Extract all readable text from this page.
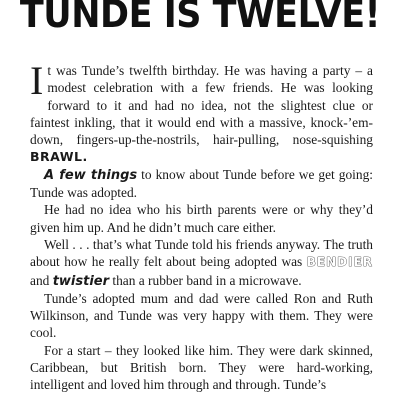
TUNDE IS TWELVE!

It was Tunde’s twelfth birthday. He was having a party – a modest celebration with a few friends. He was looking forward to it and had no idea, not the slightest clue or faintest inkling, that it would end with a massive, knock-’em-down, fingers-up-the-nostrils, hair-pulling, nose-squishing BRAWL.

A few things to know about Tunde before we get going: Tunde was adopted.

He had no idea who his birth parents were or why they’d given him up. And he didn’t much care either.

Well . . . that’s what Tunde told his friends anyway. The truth about how he really felt about being adopted was BENDIER and twistier than a rubber band in a microwave.

Tunde’s adopted mum and dad were called Ron and Ruth Wilkinson, and Tunde was very happy with them. They were cool.

For a start – they looked like him. They were dark skinned, Caribbean, but British born. They were hard-working, intelligent and loved him through and through. Tunde’s
